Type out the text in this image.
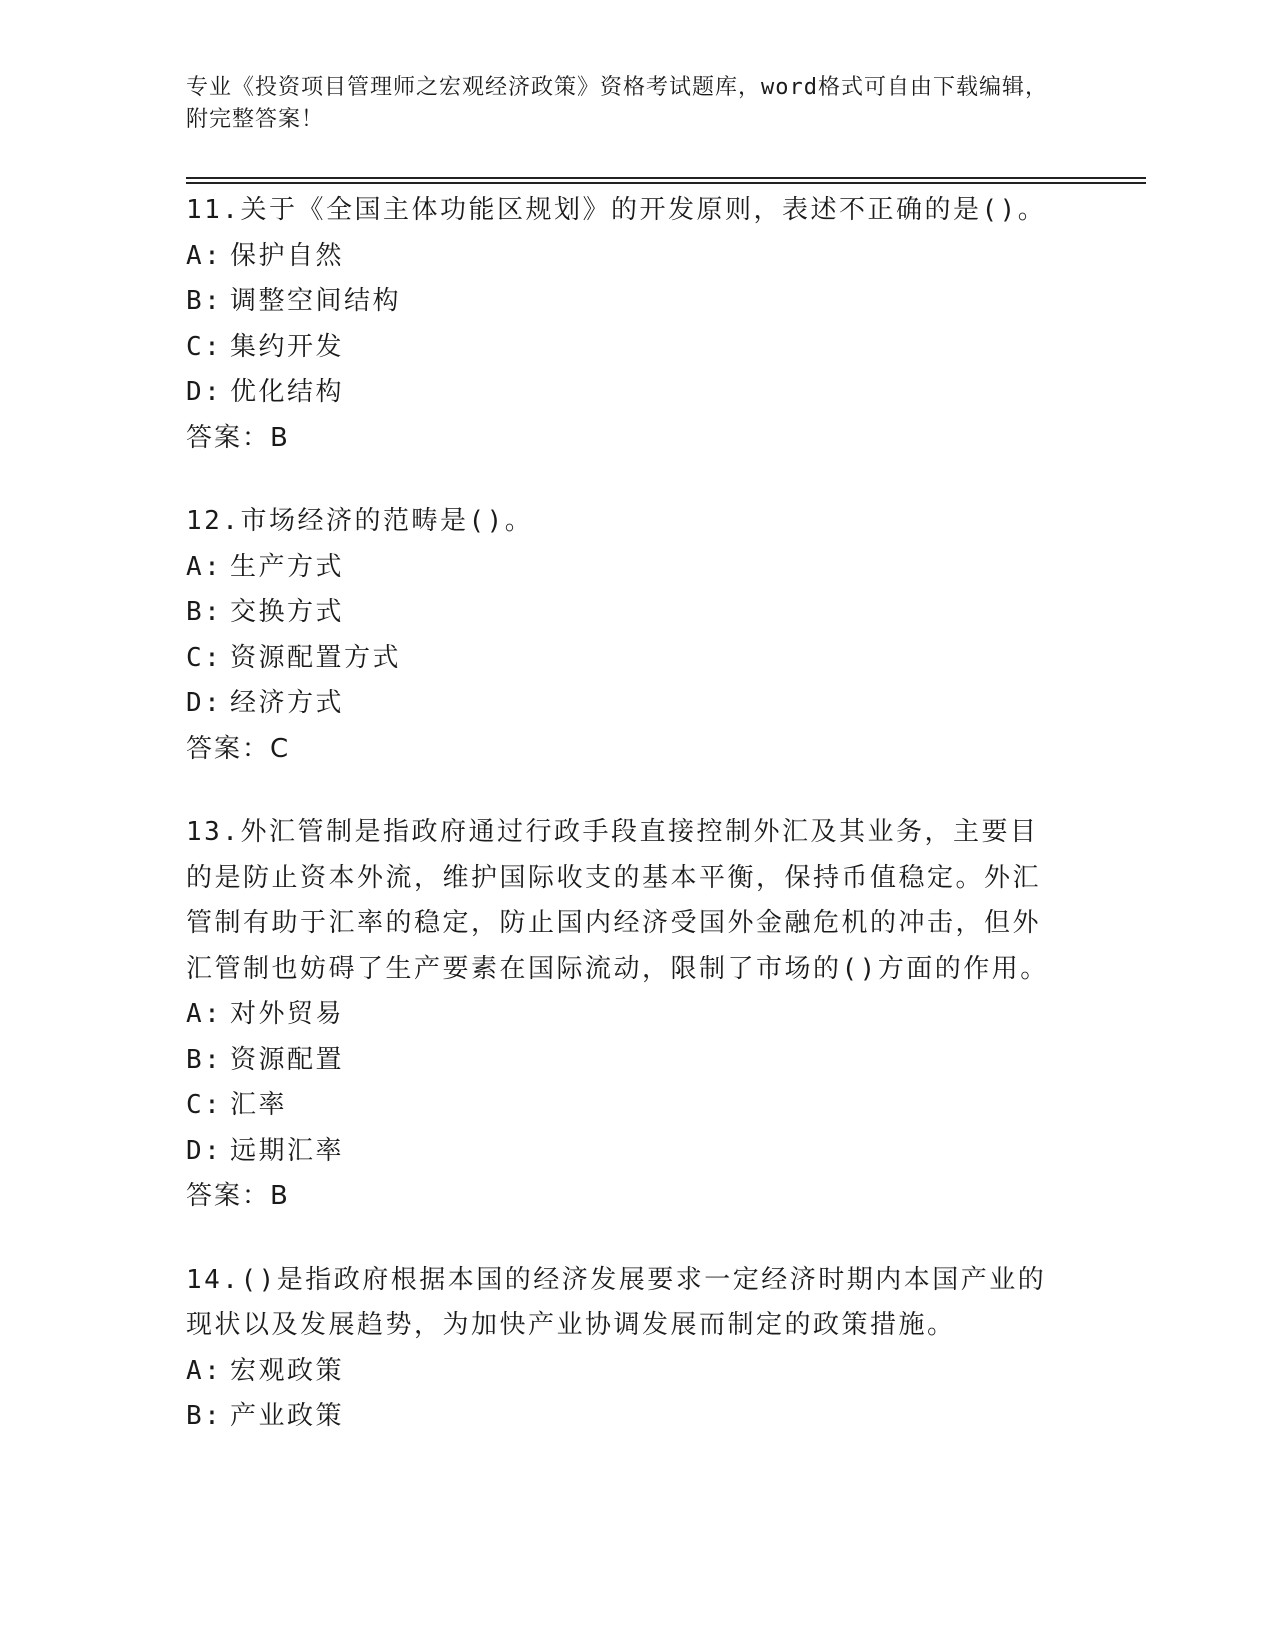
专业《投资项目管理师之宏观经济政策》资格考试题库，word格式可自由下载编辑，附完整答案！
11.关于《全国主体功能区规划》的开发原则，表述不正确的是()。
A: 保护自然
B: 调整空间结构
C: 集约开发
D: 优化结构
答案：B
12.市场经济的范畴是()。
A: 生产方式
B: 交换方式
C: 资源配置方式
D: 经济方式
答案：C
13.外汇管制是指政府通过行政手段直接控制外汇及其业务，主要目的是防止资本外流，维护国际收支的基本平衡，保持币值稳定。外汇管制有助于汇率的稳定，防止国内经济受国外金融危机的冲击，但外汇管制也妨碍了生产要素在国际流动，限制了市场的()方面的作用。
A: 对外贸易
B: 资源配置
C: 汇率
D: 远期汇率
答案：B
14.()是指政府根据本国的经济发展要求一定经济时期内本国产业的现状以及发展趋势，为加快产业协调发展而制定的政策措施。
A: 宏观政策
B: 产业政策
